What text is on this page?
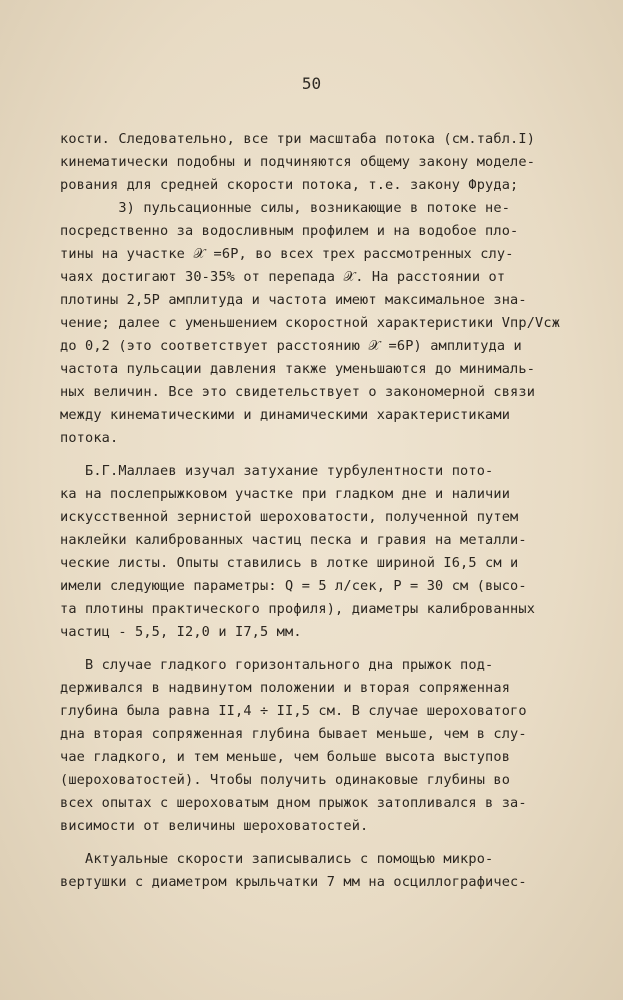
50
кости. Следовательно, все три масштаба потока (см.табл.I)
кинематически подобны и подчиняются общему закону моделе-
рования для средней скорости потока, т.е. закону Фруда;
3) пульсационные силы, возникающие в потоке не-
посредственно за водосливным профилем и на водобое пло-
тины на участке 𝒳 =6P, во всех трех рассмотренных слу-
чаях достигают 30-35% от перепада 𝒳. На расстоянии от
плотины 2,5P амплитуда и частота имеют максимальное зна-
чение; далее с уменьшением скоростной характеристики Vпр/Vсж
до 0,2 (это соответствует расстоянию 𝒳 =6P) амплитуда и
частота пульсации давления также уменьшаются до минималь-
ных величин. Все это свидетельствует о закономерной связи
между кинематическими и динамическими характеристиками
потока.
Б.Г.Маллаев изучал затухание турбулентности пото-
ка на послепрыжковом участке при гладком дне и наличии
искусственной зернистой шероховатости, полученной путем
наклейки калиброванных частиц песка и гравия на металли-
ческие листы. Опыты ставились в лотке шириной I6,5 см и
имели следующие параметры: Q = 5 л/сек, P = 30 см (высо-
та плотины практического профиля), диаметры калиброванных
частиц - 5,5, I2,0 и I7,5 мм.
В случае гладкого горизонтального дна прыжок под-
держивался в надвинутом положении и вторая сопряженная
глубина была равна II,4 ÷ II,5 см. В случае шероховатого
дна вторая сопряженная глубина бывает меньше, чем в слу-
чае гладкого, и тем меньше, чем больше высота выступов
(шероховатостей). Чтобы получить одинаковые глубины во
всех опытах с шероховатым дном прыжок затопливался в за-
висимости от величины шероховатостей.
Актуальные скорости записывались с помощью микро-
вертушки с диаметром крыльчатки 7 мм на осциллографичес-
